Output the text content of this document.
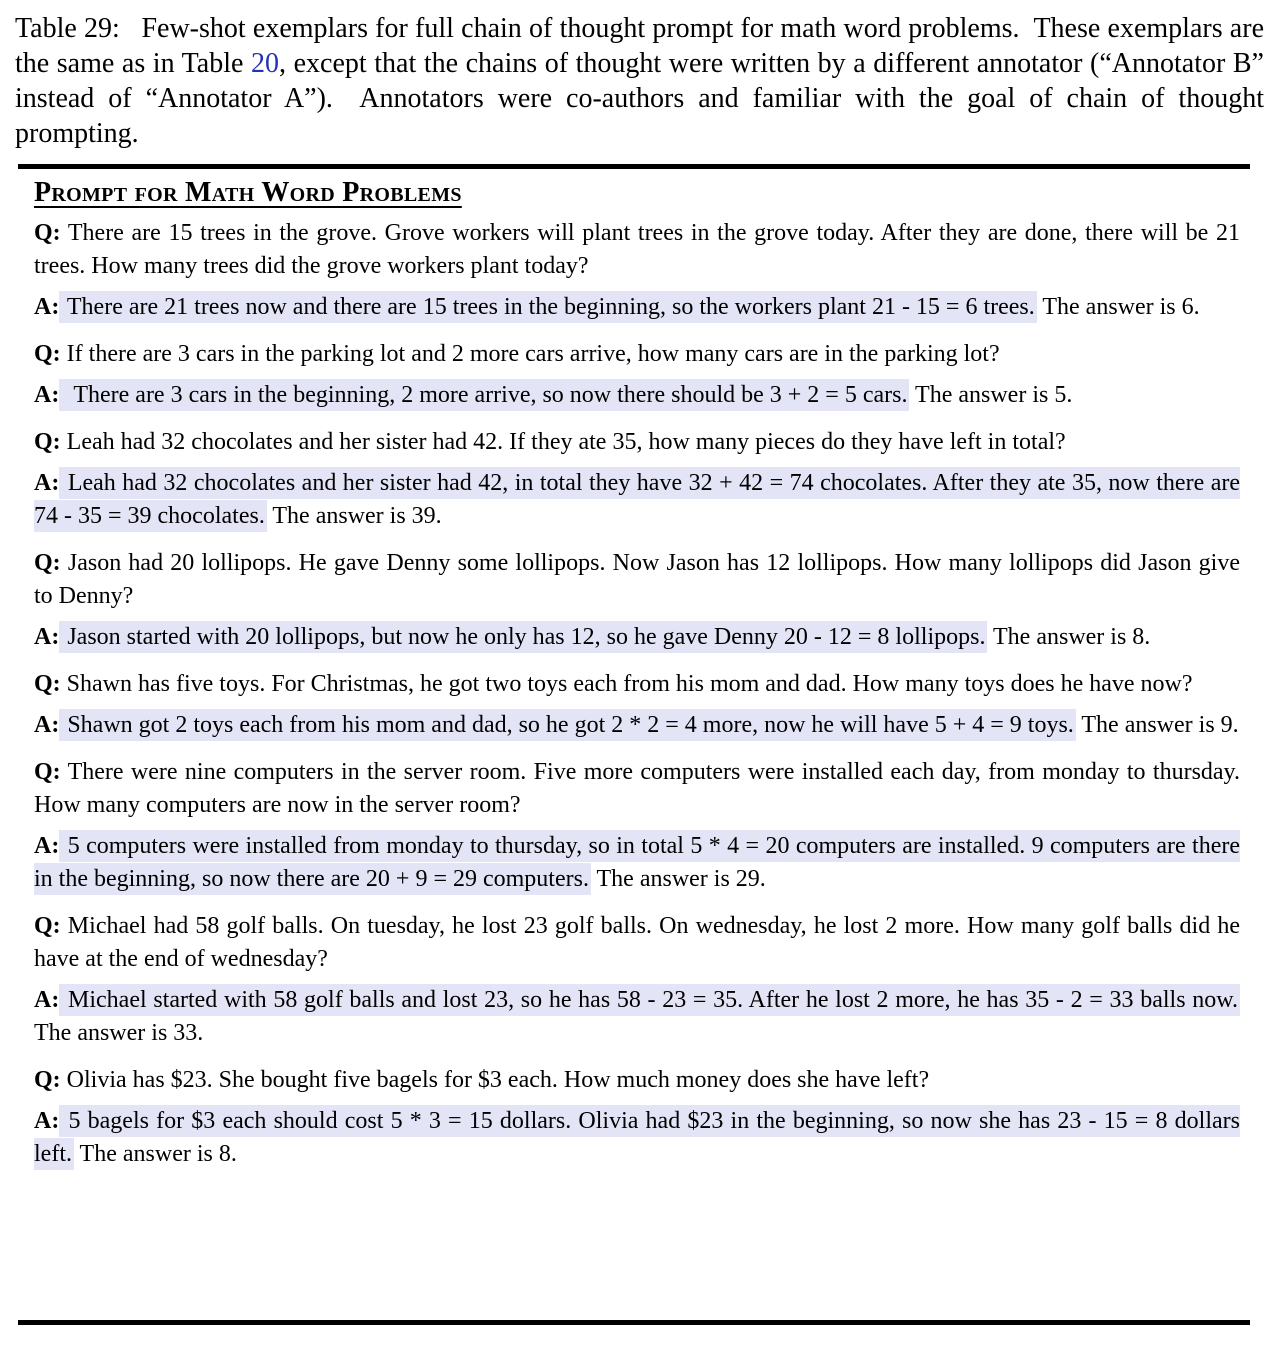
Table 29:   Few-shot exemplars for full chain of thought prompt for math word problems.  These exemplars are the same as in Table 20, except that the chains of thought were written by a different annotator (“Annotator B” instead of “Annotator A”).  Annotators were co-authors and familiar with the goal of chain of thought prompting.

Prompt for Math Word Problems

Q: There are 15 trees in the grove. Grove workers will plant trees in the grove today. After they are done, there will be 21 trees. How many trees did the grove workers plant today?

A: There are 21 trees now and there are 15 trees in the beginning, so the workers plant 21 - 15 = 6 trees. The answer is 6.

Q: If there are 3 cars in the parking lot and 2 more cars arrive, how many cars are in the parking lot?

A:  There are 3 cars in the beginning, 2 more arrive, so now there should be 3 + 2 = 5 cars. The answer is 5.

Q: Leah had 32 chocolates and her sister had 42. If they ate 35, how many pieces do they have left in total?

A: Leah had 32 chocolates and her sister had 42, in total they have 32 + 42 = 74 chocolates. After they ate 35, now there are 74 - 35 = 39 chocolates. The answer is 39.

Q: Jason had 20 lollipops. He gave Denny some lollipops. Now Jason has 12 lollipops. How many lollipops did Jason give to Denny?

A: Jason started with 20 lollipops, but now he only has 12, so he gave Denny 20 - 12 = 8 lollipops. The answer is 8.

Q: Shawn has five toys. For Christmas, he got two toys each from his mom and dad. How many toys does he have now?

A: Shawn got 2 toys each from his mom and dad, so he got 2 * 2 = 4 more, now he will have 5 + 4 = 9 toys. The answer is 9.

Q: There were nine computers in the server room. Five more computers were installed each day, from monday to thursday. How many computers are now in the server room?

A: 5 computers were installed from monday to thursday, so in total 5 * 4 = 20 computers are installed. 9 computers are there in the beginning, so now there are 20 + 9 = 29 computers. The answer is 29.

Q: Michael had 58 golf balls. On tuesday, he lost 23 golf balls. On wednesday, he lost 2 more. How many golf balls did he have at the end of wednesday?

A: Michael started with 58 golf balls and lost 23, so he has 58 - 23 = 35. After he lost 2 more, he has 35 - 2 = 33 balls now. The answer is 33.

Q: Olivia has $23. She bought five bagels for $3 each. How much money does she have left?

A: 5 bagels for $3 each should cost 5 * 3 = 15 dollars. Olivia had $23 in the beginning, so now she has 23 - 15 = 8 dollars left. The answer is 8.
